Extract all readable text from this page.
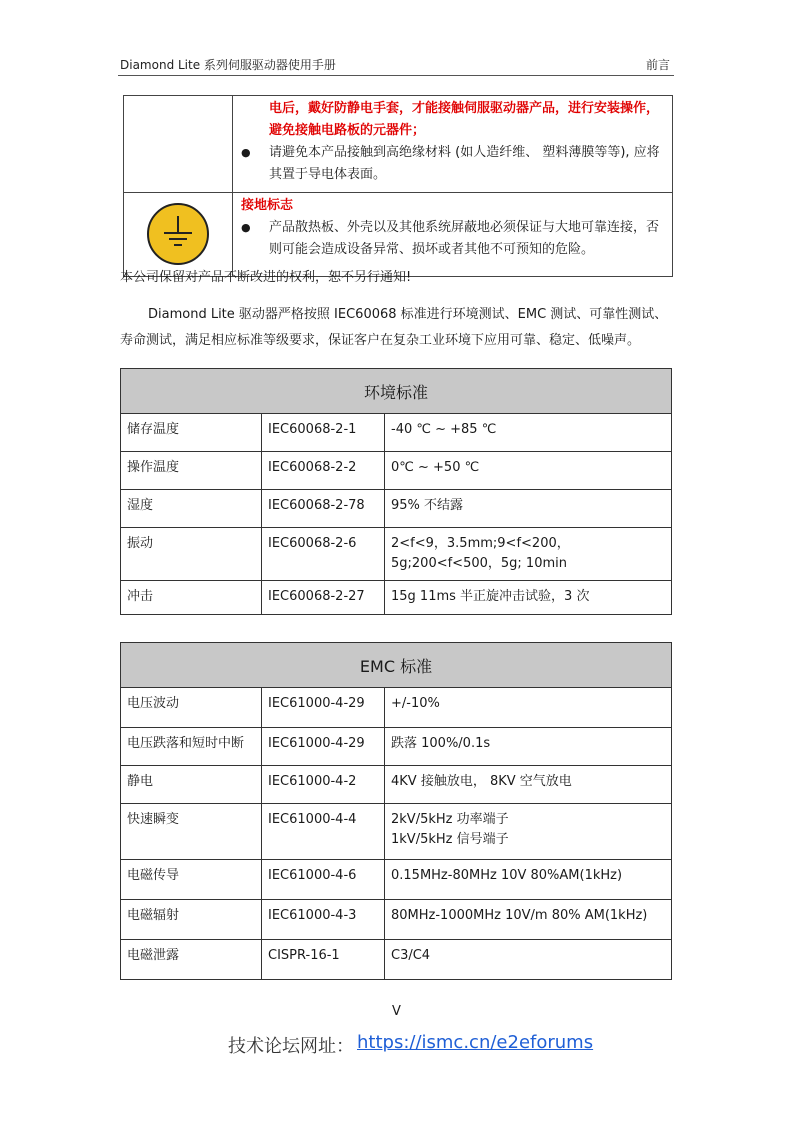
Diamond Lite 系列伺服驱动器使用手册	前言

	电后，戴好防静电手套，才能接触伺服驱动器产品，进行安装操作，
避免接触电路板的元器件；
● 请避免本产品接触到高绝缘材料 (如人造纤维、 塑料薄膜等等), 应将其置于导电体表面。

接地标志
● 产品散热板、外壳以及其他系统屏蔽地必须保证与大地可靠连接，否则可能会造成设备异常、损坏或者其他不可预知的危险。
本公司保留对产品不断改进的权利，恕不另行通知!
Diamond Lite 驱动器严格按照 IEC60068 标准进行环境测试、EMC 测试、可靠性测试、寿命测试，满足相应标准等级要求，保证客户在复杂工业环境下应用可靠、稳定、低噪声。
环境标准		
储存温度	IEC60068-2-1	-40 ℃ ~ +85 ℃
操作温度	IEC60068-2-2	0℃ ~ +50 ℃
湿度	IEC60068-2-78	95% 不结露
振动	IEC60068-2-6	2<f<9，3.5mm;9<f<200，5g;200<f<500，5g; 10min
冲击	IEC60068-2-27	15g 11ms 半正旋冲击试验，3 次
EMC 标准		
电压波动	IEC61000-4-29	+/-10%
电压跌落和短时中断	IEC61000-4-29	跌落 100%/0.1s
静电	IEC61000-4-2	4KV 接触放电， 8KV 空气放电
快速瞬变	IEC61000-4-4	2kV/5kHz 功率端子
1kV/5kHz 信号端子
电磁传导	IEC61000-4-6	0.15MHz-80MHz 10V 80%AM(1kHz)
电磁辐射	IEC61000-4-3	80MHz-1000MHz 10V/m 80% AM(1kHz)
电磁泄露	CISPR-16-1	C3/C4
V
技术论坛网址： https://ismc.cn/e2eforums
